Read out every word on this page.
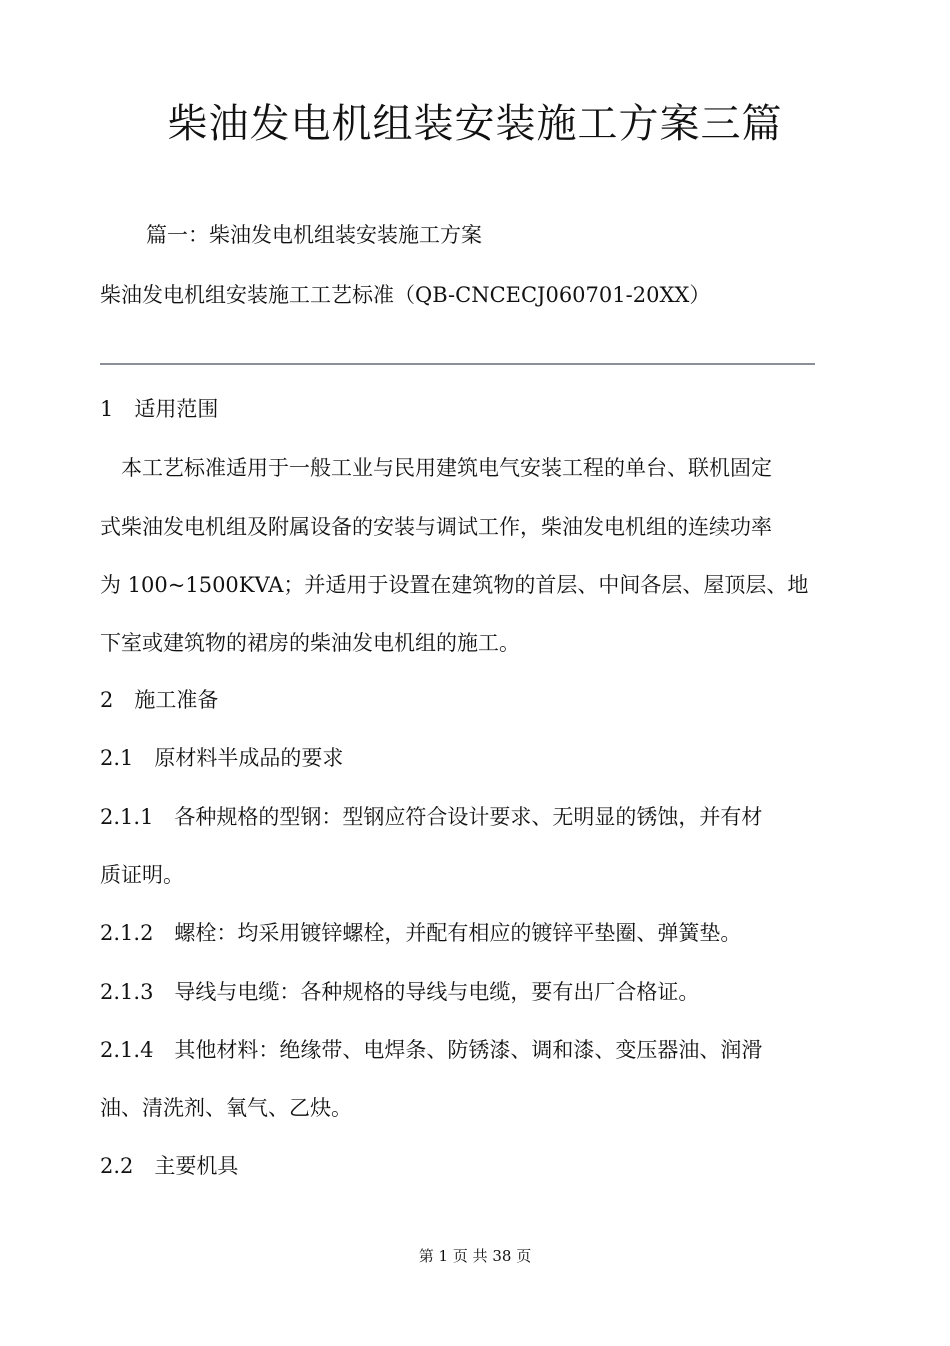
柴油发电机组装安装施工方案三篇
篇一：柴油发电机组装安装施工方案
柴油发电机组安装施工工艺标准（QB-CNCECJ060701-20XX）
1　适用范围
　本工艺标准适用于一般工业与民用建筑电气安装工程的单台、联机固定
式柴油发电机组及附属设备的安装与调试工作，柴油发电机组的连续功率
为 100~1500KVA；并适用于设置在建筑物的首层、中间各层、屋顶层、地
下室或建筑物的裙房的柴油发电机组的施工。
2　施工准备
2.1　原材料半成品的要求
2.1.1　各种规格的型钢：型钢应符合设计要求、无明显的锈蚀，并有材
质证明。
2.1.2　螺栓：均采用镀锌螺栓，并配有相应的镀锌平垫圈、弹簧垫。
2.1.3　导线与电缆：各种规格的导线与电缆，要有出厂合格证。
2.1.4　其他材料：绝缘带、电焊条、防锈漆、调和漆、变压器油、润滑
油、清洗剂、氧气、乙炔。
2.2　主要机具
第 1 页 共 38 页
